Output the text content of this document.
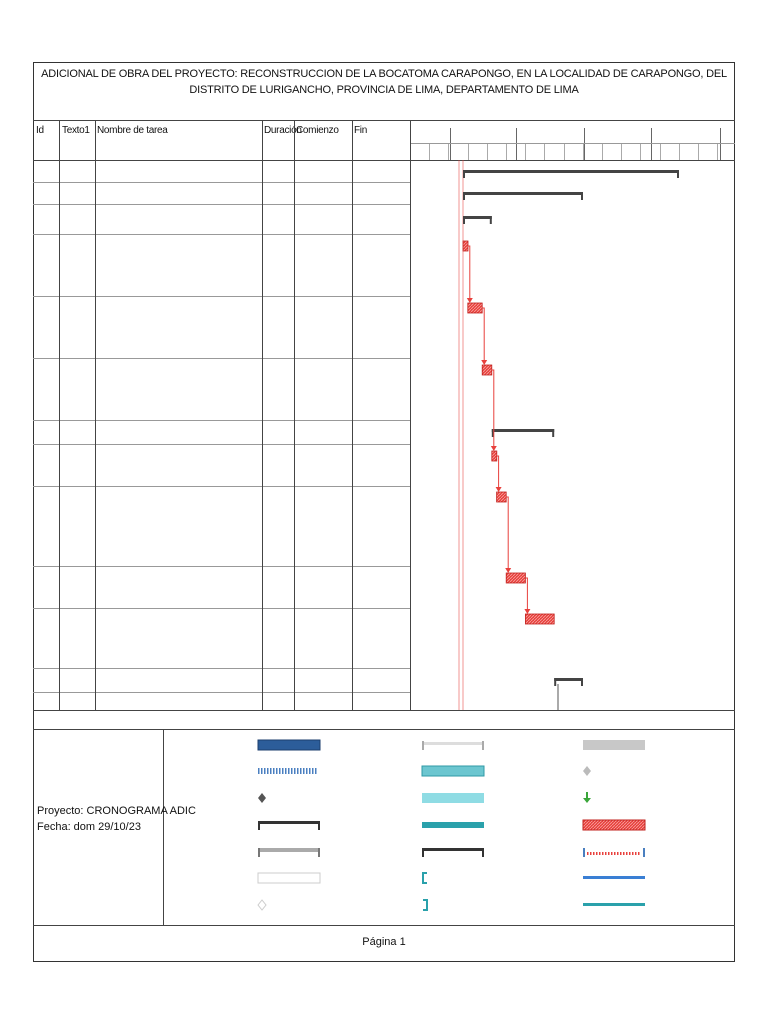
ADICIONAL DE OBRA DEL PROYECTO: RECONSTRUCCION DE LA BOCATOMA CARAPONGO, EN LA LOCALIDAD DE CARAPONGO, DEL DISTRITO DE LURIGANCHO, PROVINCIA DE LIMA, DEPARTAMENTO DE LIMA
Id Texto1 Nombre de tarea	Duración
Comienzo Fin
Proyecto: CRONOGRAMA ADIC
Fecha: dom 29/10/23
Página 1
